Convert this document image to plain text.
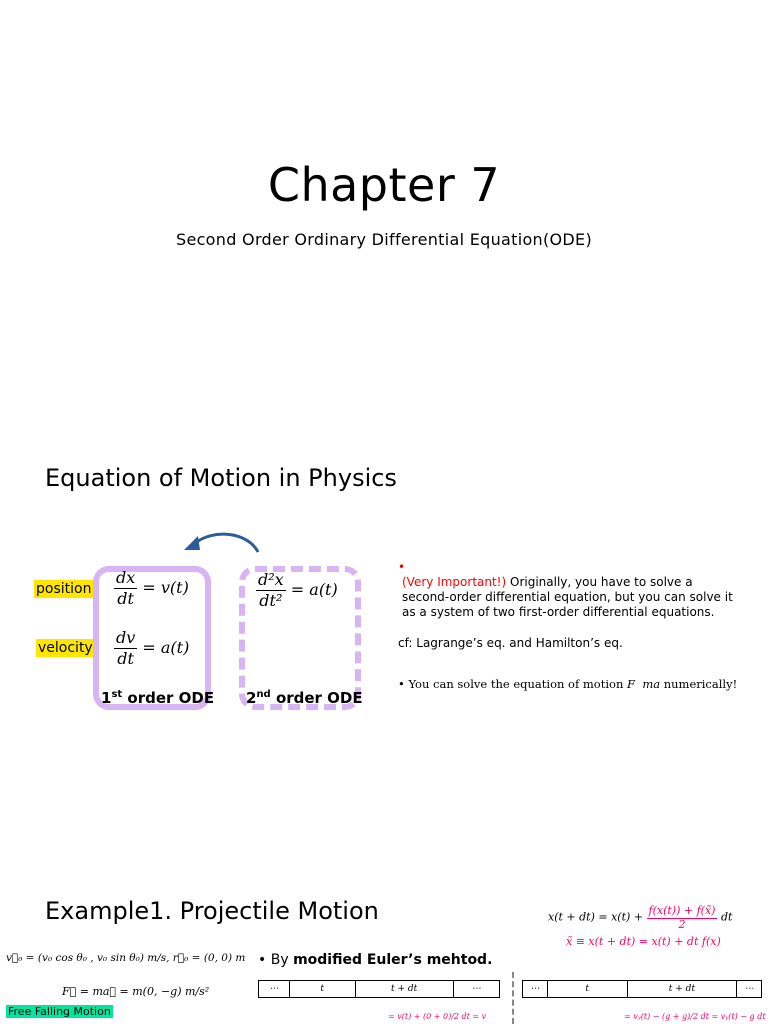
Chapter 7
Second Order Ordinary Differential Equation(ODE)
Equation of Motion in Physics
position:
velocity:
$\frac{dx}{dt} = v(t)$
$\frac{dv}{dt} = a(t)$
$\frac{\text{d²x}}{\text{dt²}} = a(t)$
1st order ODE 2nd order ODE
• (Very Important!) Originally, you have to solve a second-order differential equation, but you can solve it as a system of two first-order differential equations.
cf: Lagrange’s eq. and Hamilton’s eq.
• You can solve the equation of motion F ma numerically!
Example1. Projectile Motion	$x(t + dt) = x(t) + \frac{f(x(t)) + f(x̃)}{2}$ dt
x̃ ≡ x(t + dt) = x(t) + dt f(x)
v⃗₀ = (v₀ cos θ₀ , v₀ sin θ₀) m/s, r⃗₀ = (0, 0) m
F⃗ = ma⃗ = m(0, −g) m/s²
Free Falling Motion
• By modified Euler’s mehtod.
⋯	t	t + dt	⋯	⋯	t	t + dt	⋯
= v(t) + (0 + 0)/2 dt = v	= vᵧ(t) − (g + g)/2 dt = vᵧ(t) − g dt
